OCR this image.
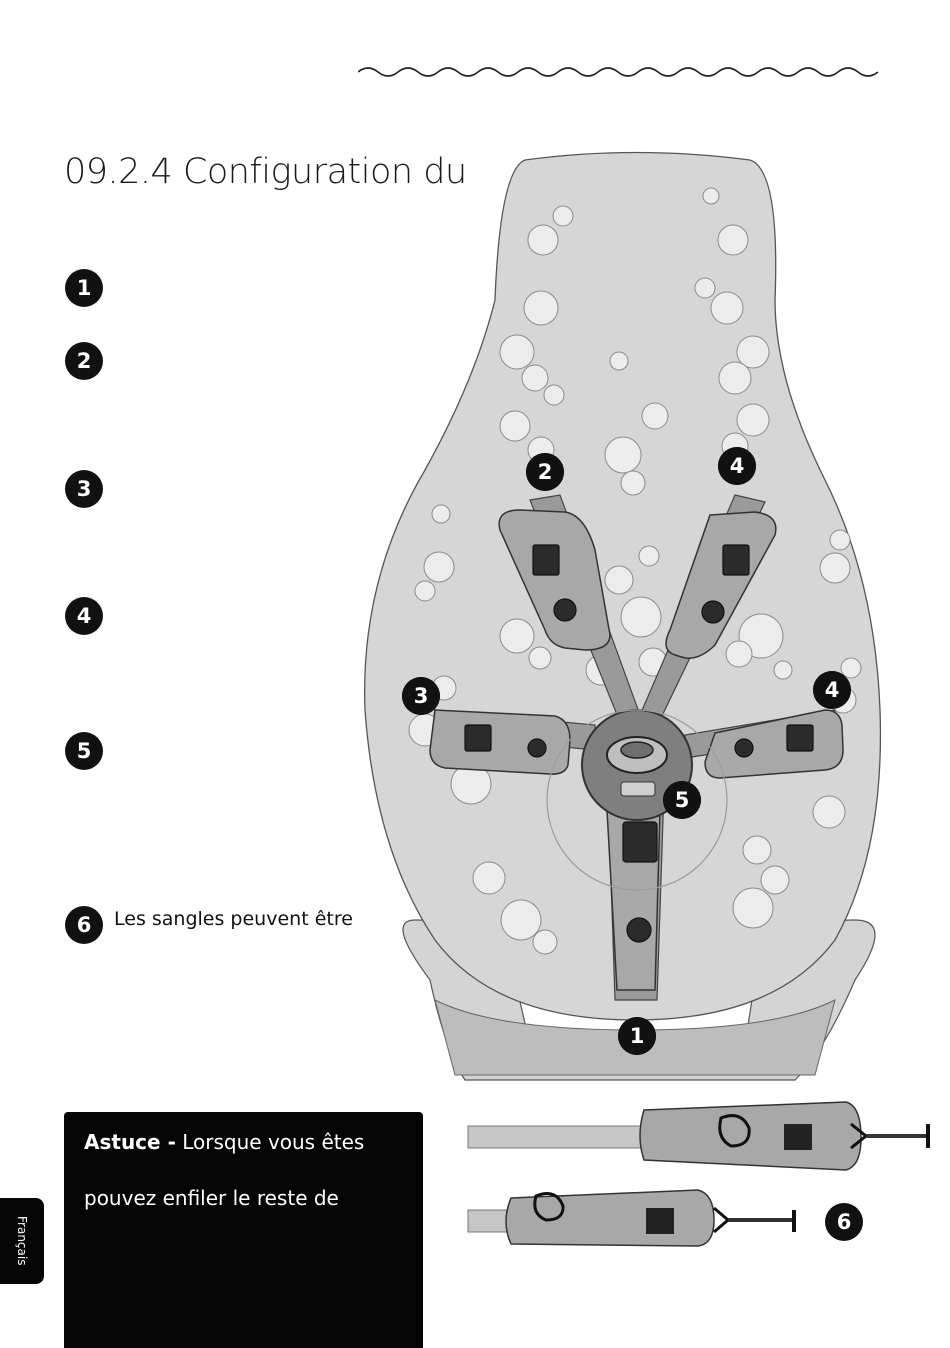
09.2.4 Configuration du
1
2
3
4
5
6	Les sangles peuvent être
2	4
3	4
5
1
Astuce - Lorsque vous êtes
pouvez enfiler le reste de
Français	6
